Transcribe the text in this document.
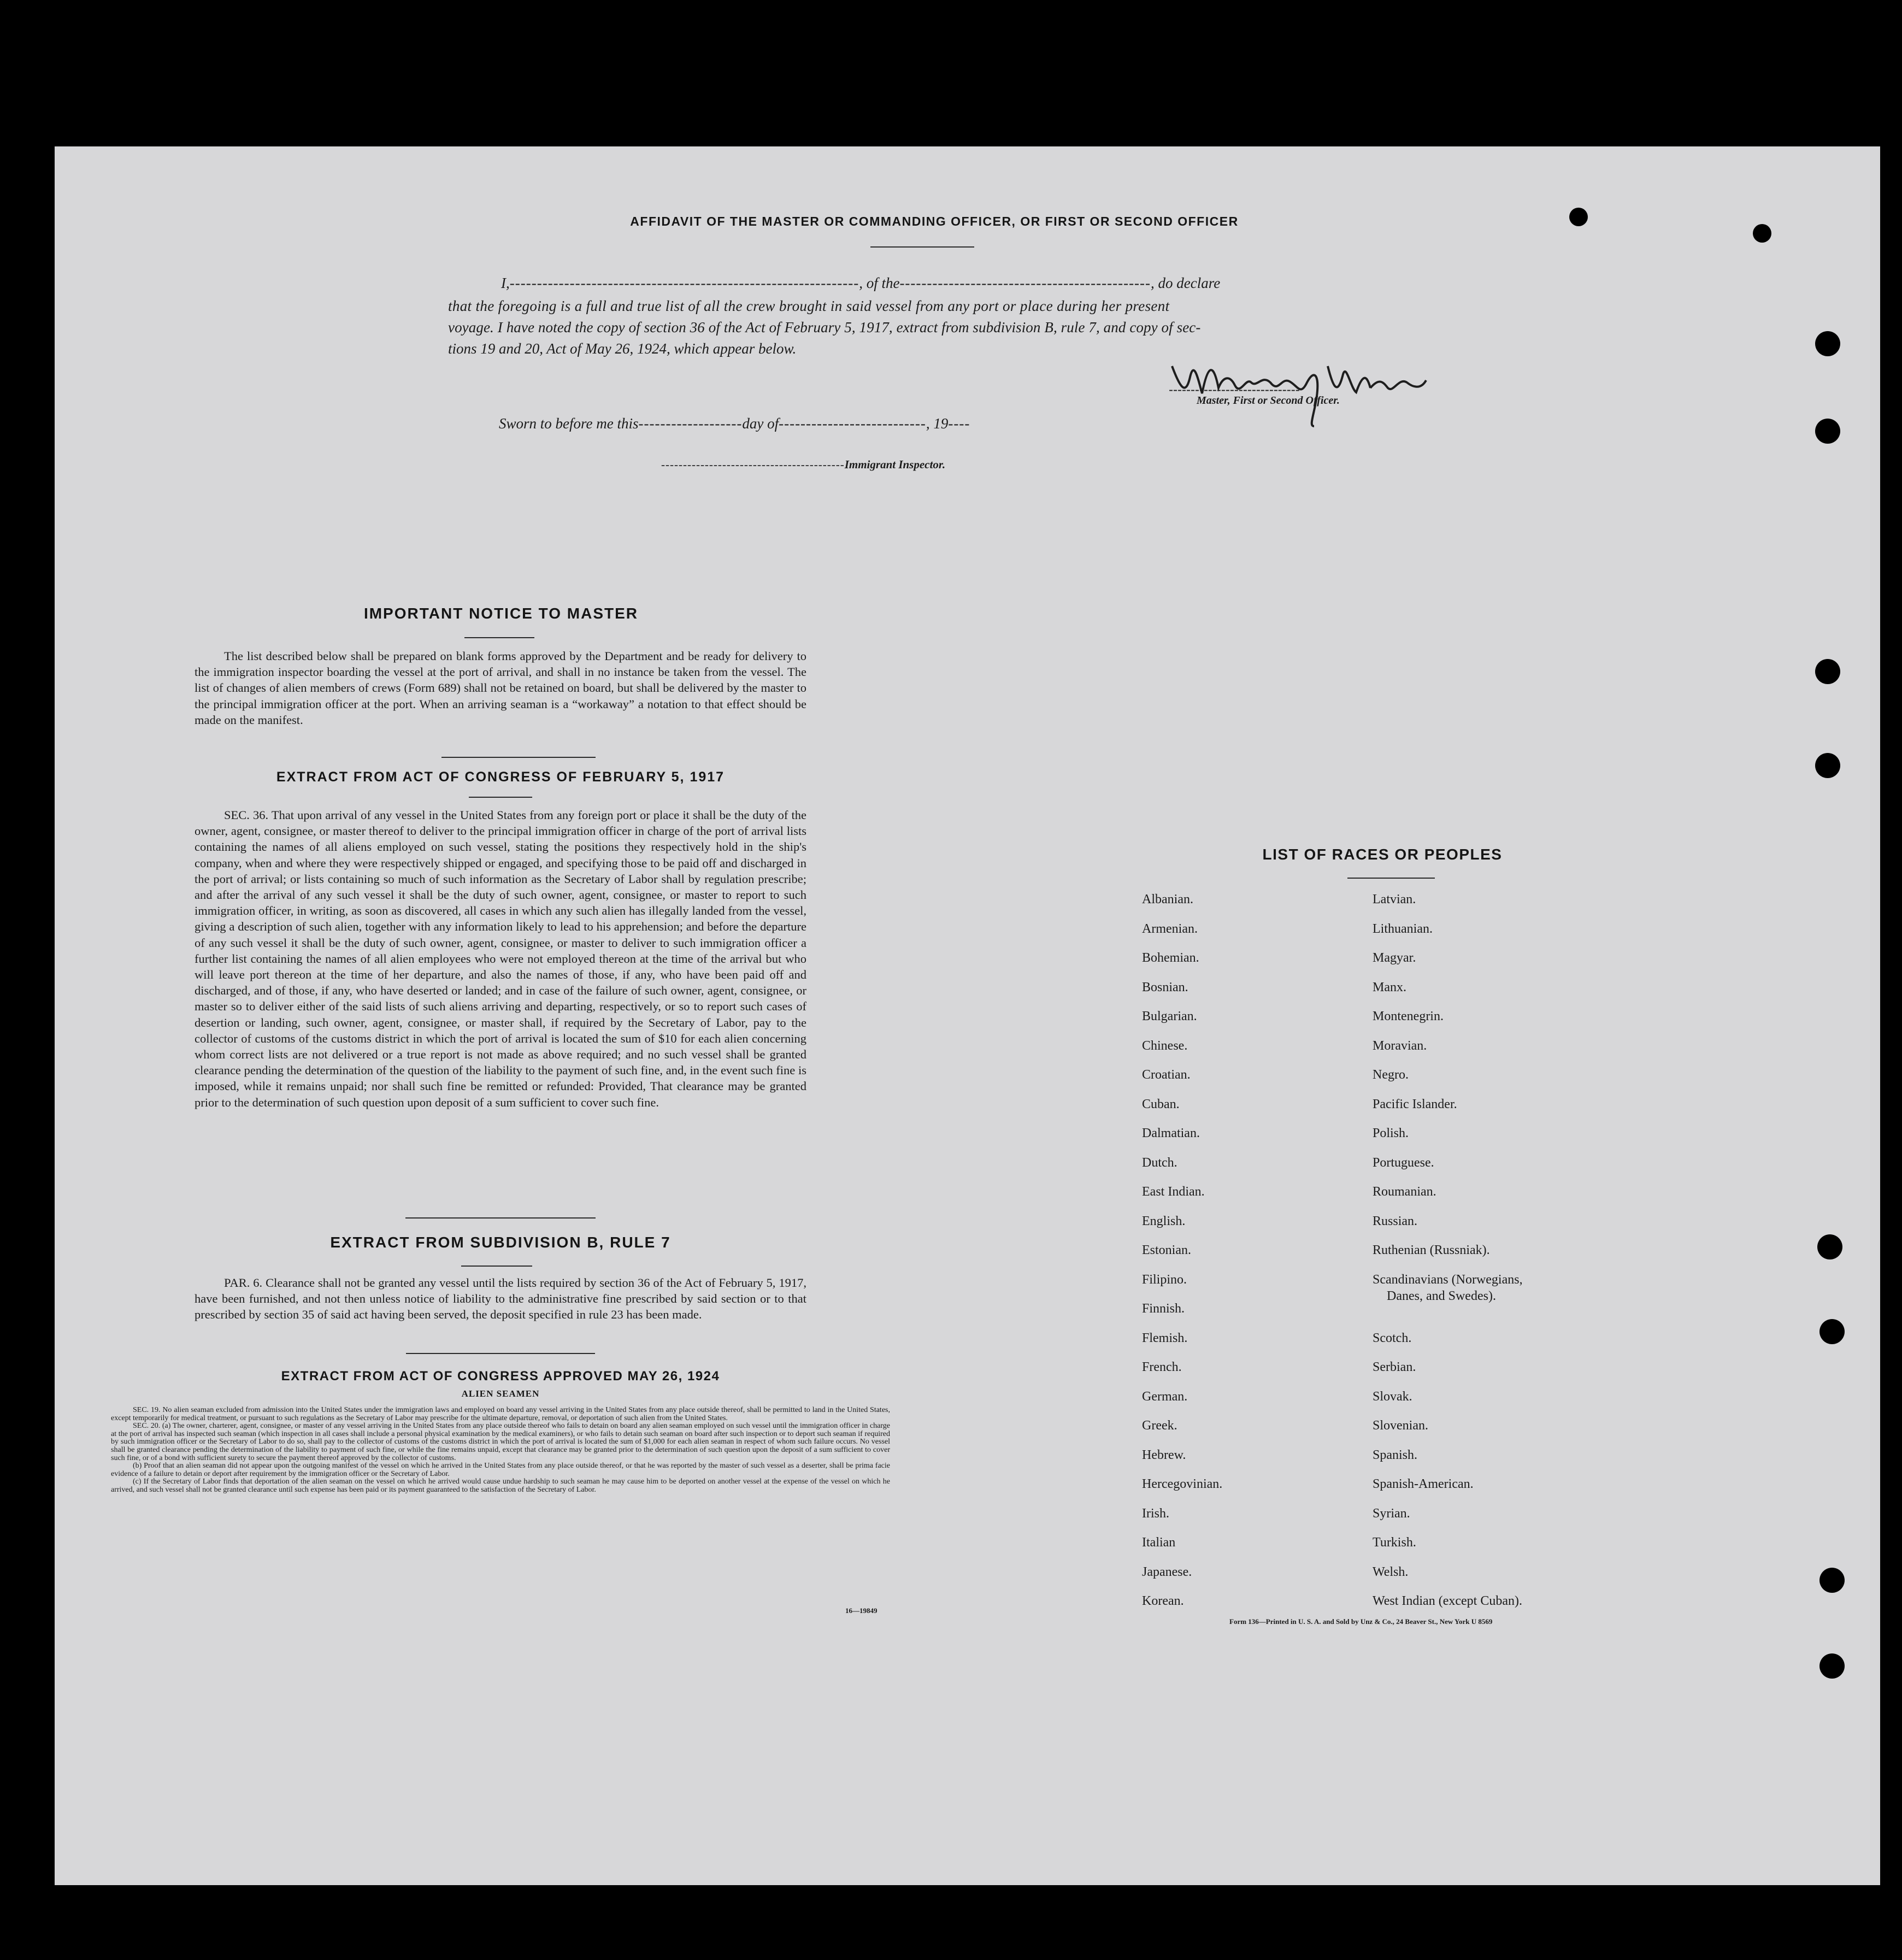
AFFIDAVIT OF THE MASTER OR COMMANDING OFFICER, OR FIRST OR SECOND OFFICER
I,----------------------------------------------------------------, of the----------------------------------------------, do declare
that the foregoing is a full and true list of all the crew brought in said vessel from any port or place during her present
voyage. I have noted the copy of section 36 of the Act of February 5, 1917, extract from subdivision B, rule 7, and copy of sec-
tions 19 and 20, Act of May 26, 1924, which appear below.
------------------------------
Master, First or Second Officer.
Sworn to before me this-------------------day of---------------------------, 19----
------------------------------------------Immigrant Inspector.
IMPORTANT NOTICE TO MASTER

The list described below shall be prepared on blank forms approved by the Department and be ready for delivery to the immigration inspector boarding the vessel at the port of arrival, and shall in no instance be taken from the vessel. The list of changes of alien members of crews (Form 689) shall not be retained on board, but shall be delivered by the master to the principal immigration officer at the port. When an arriving seaman is a “workaway” a notation to that effect should be made on the manifest.

EXTRACT FROM ACT OF CONGRESS OF FEBRUARY 5, 1917

SEC. 36. That upon arrival of any vessel in the United States from any foreign port or place it shall be the duty of the owner, agent, consignee, or master thereof to deliver to the principal immigration officer in charge of the port of arrival lists containing the names of all aliens employed on such vessel, stating the positions they respectively hold in the ship's company, when and where they were respectively shipped or engaged, and specifying those to be paid off and discharged in the port of arrival; or lists containing so much of such information as the Secretary of Labor shall by regulation prescribe; and after the arrival of any such vessel it shall be the duty of such owner, agent, consignee, or master to report to such immigration officer, in writing, as soon as discovered, all cases in which any such alien has illegally landed from the vessel, giving a description of such alien, together with any information likely to lead to his apprehension; and before the departure of any such vessel it shall be the duty of such owner, agent, consignee, or master to deliver to such immigration officer a further list containing the names of all alien employees who were not employed thereon at the time of the arrival but who will leave port thereon at the time of her departure, and also the names of those, if any, who have been paid off and discharged, and of those, if any, who have deserted or landed; and in case of the failure of such owner, agent, consignee, or master so to deliver either of the said lists of such aliens arriving and departing, respectively, or so to report such cases of desertion or landing, such owner, agent, consignee, or master shall, if required by the Secretary of Labor, pay to the collector of customs of the customs district in which the port of arrival is located the sum of $10 for each alien concerning whom correct lists are not delivered or a true report is not made as above required; and no such vessel shall be granted clearance pending the determination of the question of the liability to the payment of such fine, and, in the event such fine is imposed, while it remains unpaid; nor shall such fine be remitted or refunded: Provided, That clearance may be granted prior to the determination of such question upon deposit of a sum sufficient to cover such fine.

EXTRACT FROM SUBDIVISION B, RULE 7

PAR. 6. Clearance shall not be granted any vessel until the lists required by section 36 of the Act of February 5, 1917, have been furnished, and not then unless notice of liability to the administrative fine prescribed by said section or to that prescribed by section 35 of said act having been served, the deposit specified in rule 23 has been made.

EXTRACT FROM ACT OF CONGRESS APPROVED MAY 26, 1924
ALIEN SEAMEN

SEC. 19. No alien seaman excluded from admission into the United States under the immigration laws and employed on board any vessel arriving in the United States from any place outside thereof, shall be permitted to land in the United States, except temporarily for medical treatment, or pursuant to such regulations as the Secretary of Labor may prescribe for the ultimate departure, removal, or deportation of such alien from the United States.

SEC. 20. (a) The owner, charterer, agent, consignee, or master of any vessel arriving in the United States from any place outside thereof who fails to detain on board any alien seaman employed on such vessel until the immigration officer in charge at the port of arrival has inspected such seaman (which inspection in all cases shall include a personal physical examination by the medical examiners), or who fails to detain such seaman on board after such inspection or to deport such seaman if required by such immigration officer or the Secretary of Labor to do so, shall pay to the collector of customs of the customs district in which the port of arrival is located the sum of $1,000 for each alien seaman in respect of whom such failure occurs. No vessel shall be granted clearance pending the determination of the liability to payment of such fine, or while the fine remains unpaid, except that clearance may be granted prior to the determination of such question upon the deposit of a sum sufficient to cover such fine, or of a bond with sufficient surety to secure the payment thereof approved by the collector of customs.

(b) Proof that an alien seaman did not appear upon the outgoing manifest of the vessel on which he arrived in the United States from any place outside thereof, or that he was reported by the master of such vessel as a deserter, shall be prima facie evidence of a failure to detain or deport after requirement by the immigration officer or the Secretary of Labor.

(c) If the Secretary of Labor finds that deportation of the alien seaman on the vessel on which he arrived would cause undue hardship to such seaman he may cause him to be deported on another vessel at the expense of the vessel on which he arrived, and such vessel shall not be granted clearance until such expense has been paid or its payment guaranteed to the satisfaction of the Secretary of Labor.

16—19849
LIST OF RACES OR PEOPLES
Albanian.
Armenian.
Bohemian.
Bosnian.
Bulgarian.
Chinese.
Croatian.
Cuban.
Dalmatian.
Dutch.
East Indian.
English.
Estonian.
Filipino.
Finnish.
Flemish.
French.
German.
Greek.
Hebrew.
Hercegovinian.
Irish.
Italian
Japanese.
Korean.
Latvian.
Lithuanian.
Magyar.
Manx.
Montenegrin.
Moravian.
Negro.
Pacific Islander.
Polish.
Portuguese.
Roumanian.
Russian.
Ruthenian (Russniak).
Scandinavians (Norwegians,
Danes, and Swedes).
Scotch.
Serbian.
Slovak.
Slovenian.
Spanish.
Spanish-American.
Syrian.
Turkish.
Welsh.
West Indian (except Cuban).
Form 136—Printed in U. S. A. and Sold by Unz & Co., 24 Beaver St., New York U 8569
